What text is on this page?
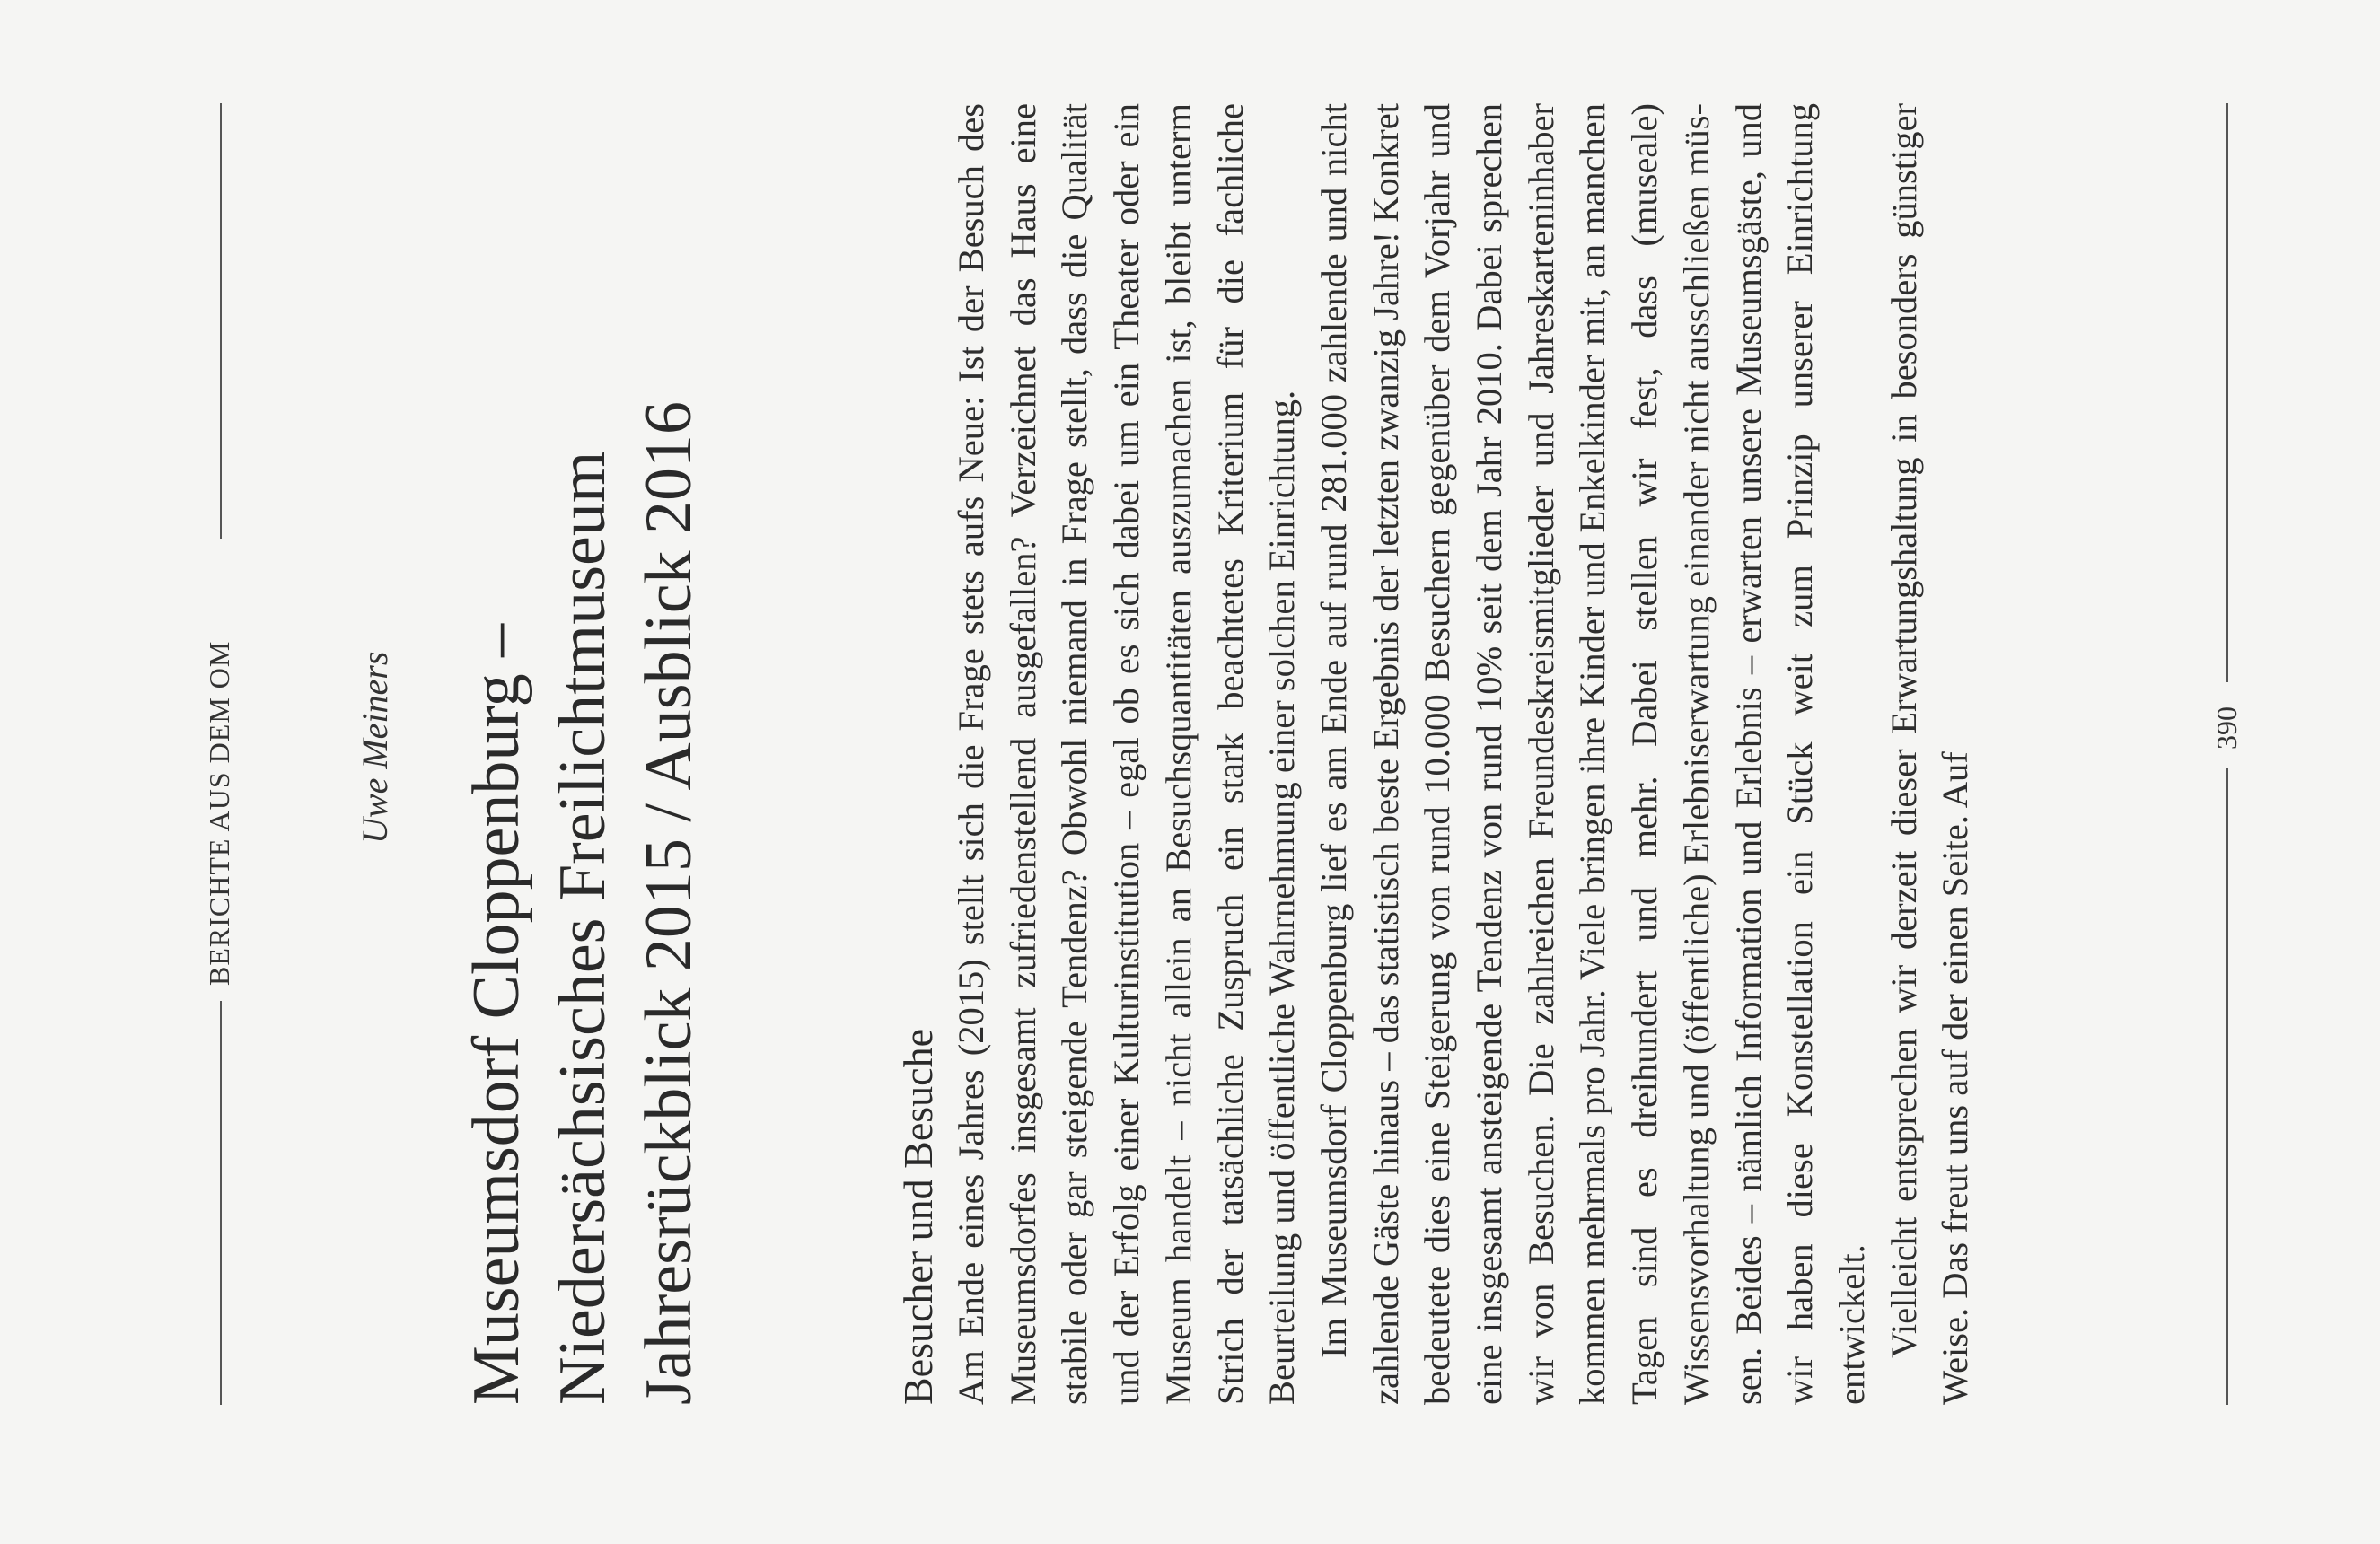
BERICHTE AUS DEM OM	Uwe Meiners Museumsdorf Cloppenburg – Niedersächsisches Freilichtmuseum Jahresrückblick 2015 / Ausblick 2016	Besucher und Besuche Am Ende eines Jahres (2015) stellt sich die Frage stets aufs Neue: Ist der Besuch des Museumsdorfes insgesamt zufriedenstellend ausgefallen? Verzeichnet das Haus eine stabile oder gar steigende Tendenz? Obwohl niemand in Frage stellt, dass die Qualität und der Erfolg einer Kulturinstitution – egal ob es sich dabei um ein Theater oder ein Museum handelt – nicht allein an Besuchsquantitäten auszumachen ist, bleibt unterm Strich der tatsächliche Zuspruch ein stark beachtetes Kriterium für die fachliche Beurteilung und öffentliche Wahrnehmung einer solchen Einrichtung. Im Museumsdorf Cloppenburg lief es am Ende auf rund 281.000 zahlende und nicht zahlende Gäste hinaus – das statistisch beste Ergebnis der letzten zwanzig Jahre! Konkret bedeutete dies eine Steigerung von rund 10.000 Besuchern gegenüber dem Vorjahr und eine insgesamt ansteigende Tendenz von rund 10% seit dem Jahr 2010. Dabei sprechen wir von Besuchen. Die zahlreichen Freundeskreismitglieder und Jahreskarteninhaber kommen mehrmals pro Jahr. Viele bringen ihre Kinder und Enkelkinder mit, an manchen Tagen sind es dreihundert und mehr. Dabei stellen wir fest, dass (museale) Wissensvorhaltung und (öffentliche) Erlebniserwartung einander nicht ausschließen müssen. Beides – nämlich Information und Erlebnis – erwarten unsere Museumsgäste, und wir haben diese Konstellation ein Stück weit zum Prinzip unserer Einrichtung entwickelt. Vielleicht entsprechen wir derzeit dieser Erwartungshaltung in besonders günstiger Weise. Das freut uns auf der einen Seite. Auf

390
